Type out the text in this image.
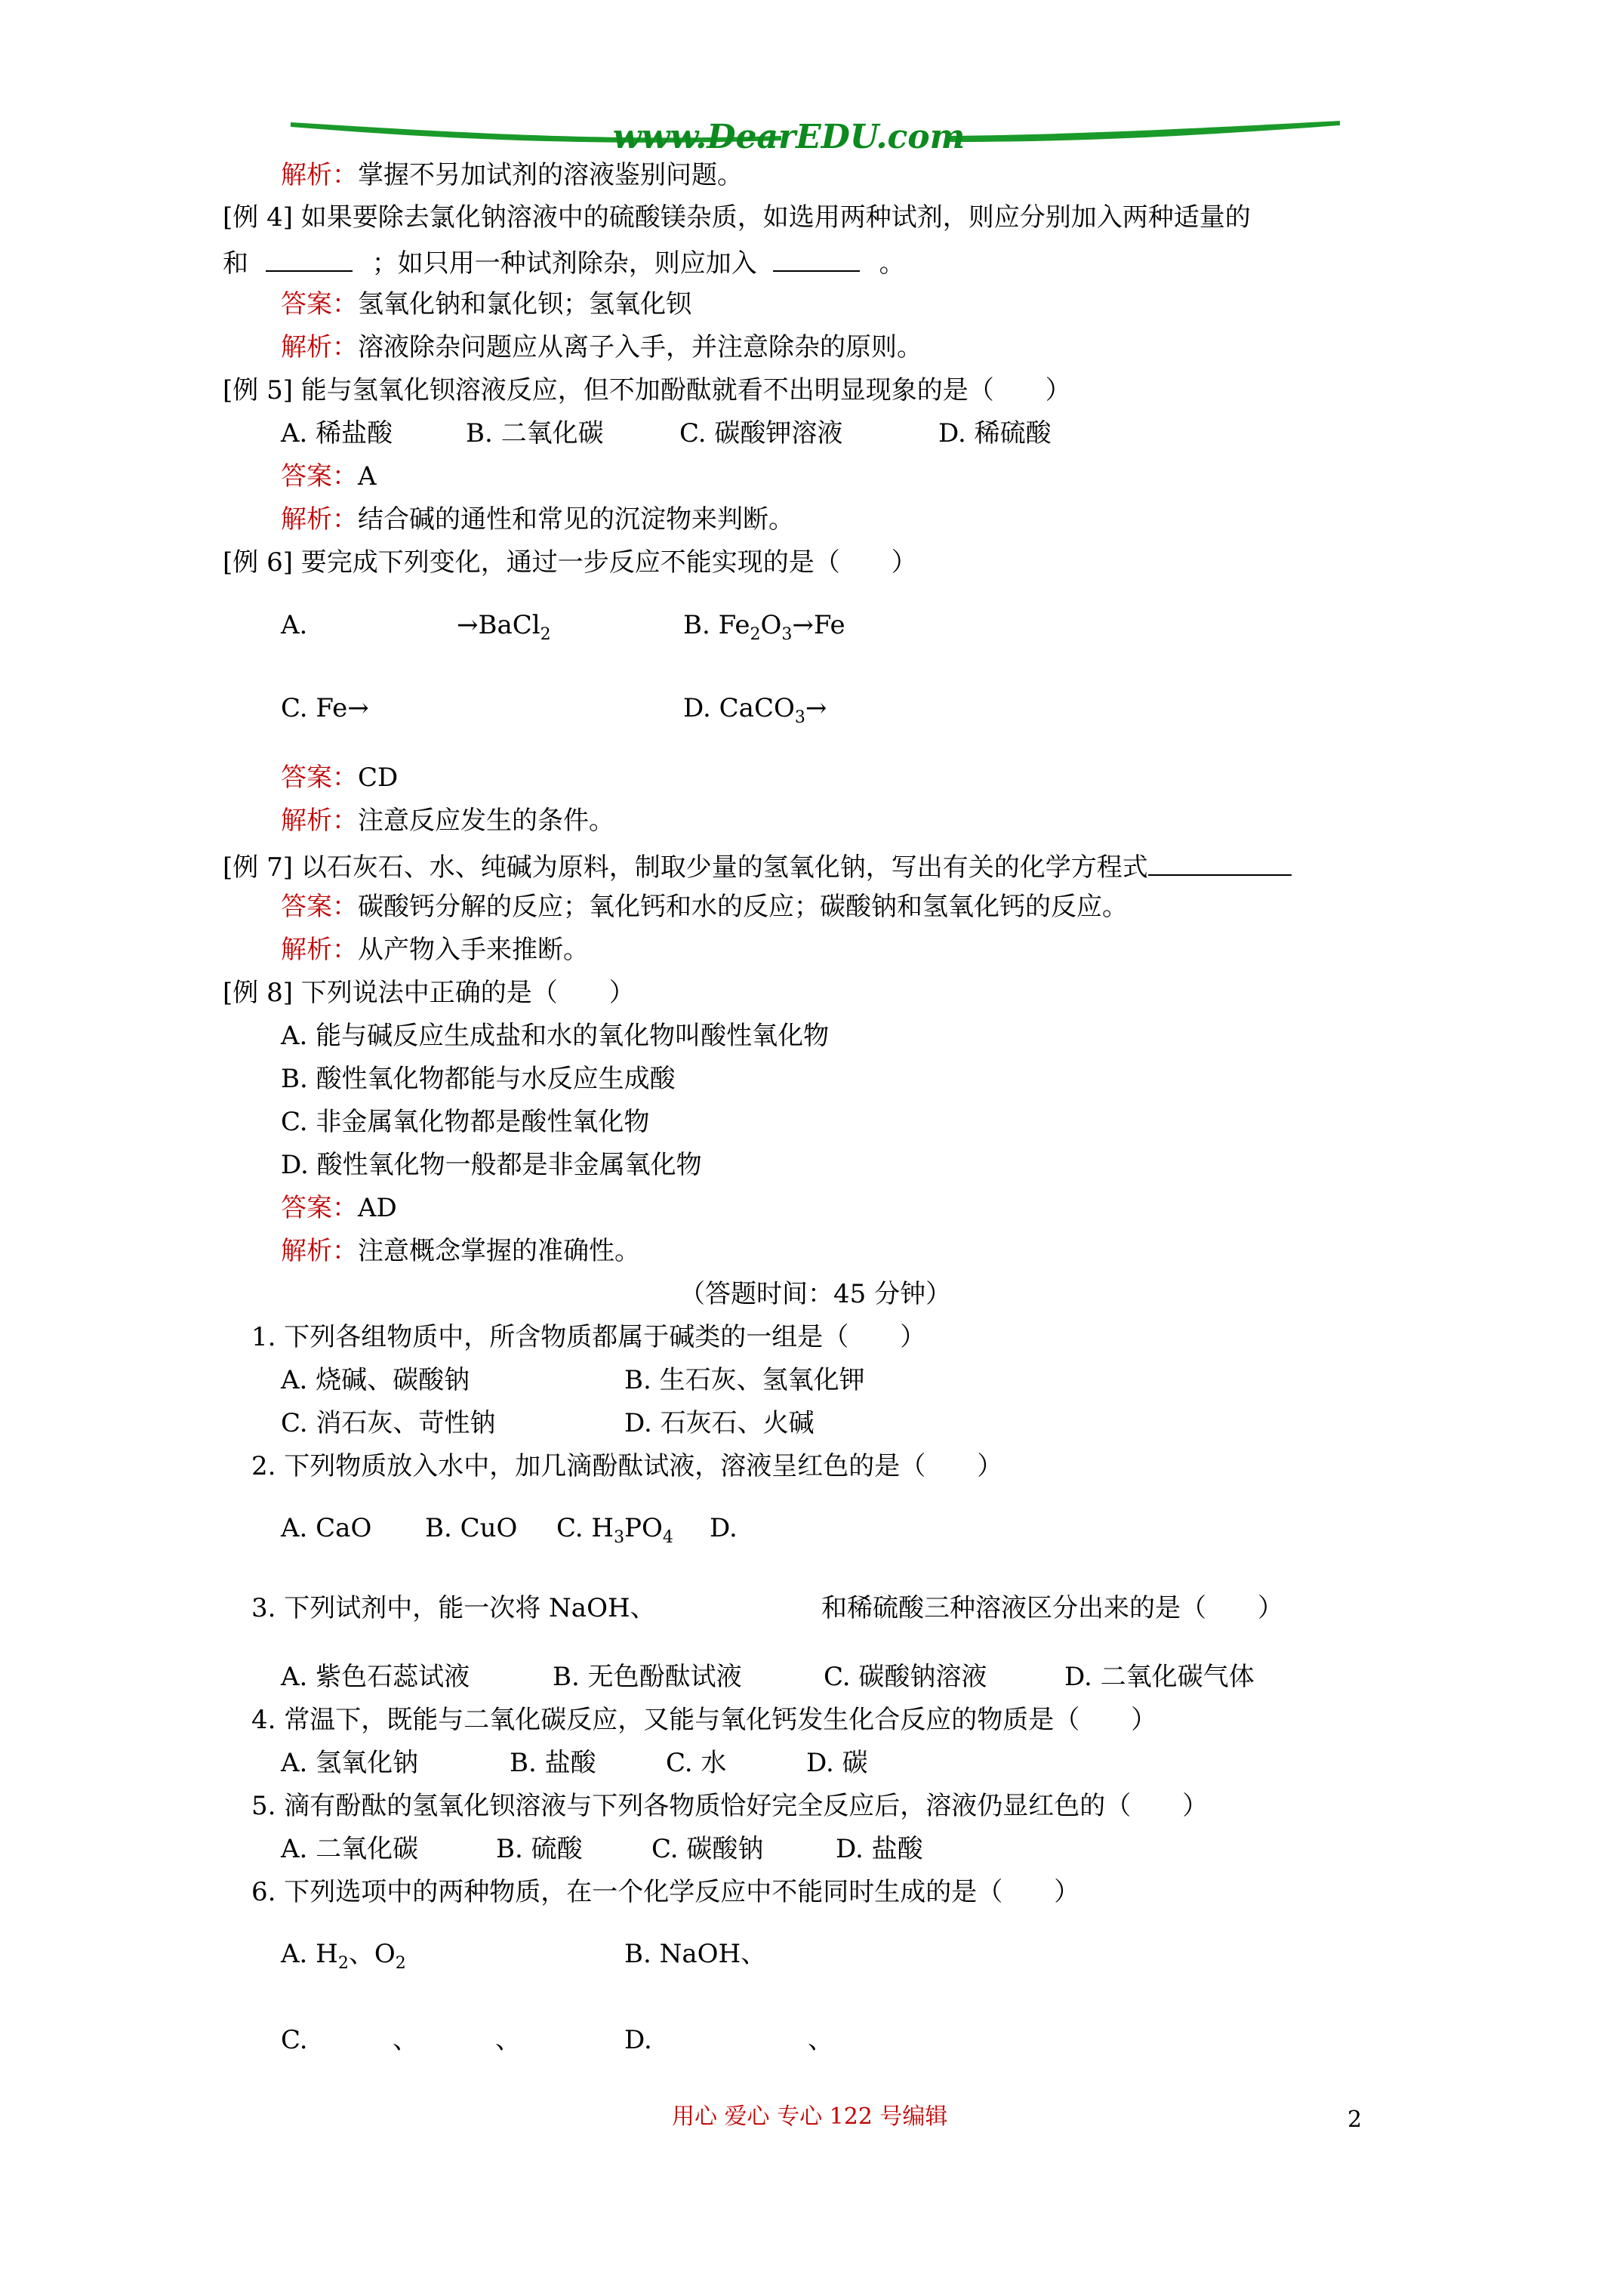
www.DearEDU.com
解析：掌握不另加试剂的溶液鉴别问题。
[例 4] 如果要除去氯化钠溶液中的硫酸镁杂质，如选用两种试剂，则应分别加入两种适量的
和	；如只用一种试剂除杂，则应加入	。
答案：氢氧化钠和氯化钡；氢氧化钡
解析：溶液除杂问题应从离子入手，并注意除杂的原则。
[例 5] 能与氢氧化钡溶液反应，但不加酚酞就看不出明显现象的是（　　）
A. 稀盐酸	B. 二氧化碳	C. 碳酸钾溶液	D. 稀硫酸
答案：A
解析：结合碱的通性和常见的沉淀物来判断。
[例 6] 要完成下列变化，通过一步反应不能实现的是（　　）
A.	→BaCl$_2$	B. $Fe_2O_3\to Fe$
C. Fe→	D. CaCO$_3$→
答案：CD
解析：注意反应发生的条件。
[例 7] 以石灰石、水、纯碱为原料，制取少量的氢氧化钠，写出有关的化学方程式
答案：碳酸钙分解的反应；氧化钙和水的反应；碳酸钠和氢氧化钙的反应。
解析：从产物入手来推断。
[例 8] 下列说法中正确的是（　　）
A. 能与碱反应生成盐和水的氧化物叫酸性氧化物
B. 酸性氧化物都能与水反应生成酸
C. 非金属氧化物都是酸性氧化物
D. 酸性氧化物一般都是非金属氧化物
答案：AD
解析：注意概念掌握的准确性。
（答题时间：45 分钟）
1. 下列各组物质中，所含物质都属于碱类的一组是（　　）
A. 烧碱、碳酸钠	B. 生石灰、氢氧化钾
C. 消石灰、苛性钠	D. 石灰石、火碱
2. 下列物质放入水中，加几滴酚酞试液，溶液呈红色的是（　　）
A. CaO B. CuO C. $H_3PO_4$ D.
3. 下列试剂中，能一次将 NaOH、	和稀硫酸三种溶液区分出来的是（　　）
A. 紫色石蕊试液	B. 无色酚酞试液	C. 碳酸钠溶液	D. 二氧化碳气体
4. 常温下，既能与二氧化碳反应，又能与氧化钙发生化合反应的物质是（　　）
A. 氢氧化钠	B. 盐酸	C. 水	D. 碳
5. 滴有酚酞的氢氧化钡溶液与下列各物质恰好完全反应后，溶液仍显红色的（　　）
A. 二氧化碳	B. 硫酸	C. 碳酸钠	D. 盐酸
6. 下列选项中的两种物质，在一个化学反应中不能同时生成的是（　　）
A. $H_2$、$O_2$	B. NaOH、
C.	、	、	D.	、
用心 爱心 专心 122 号编辑	2
